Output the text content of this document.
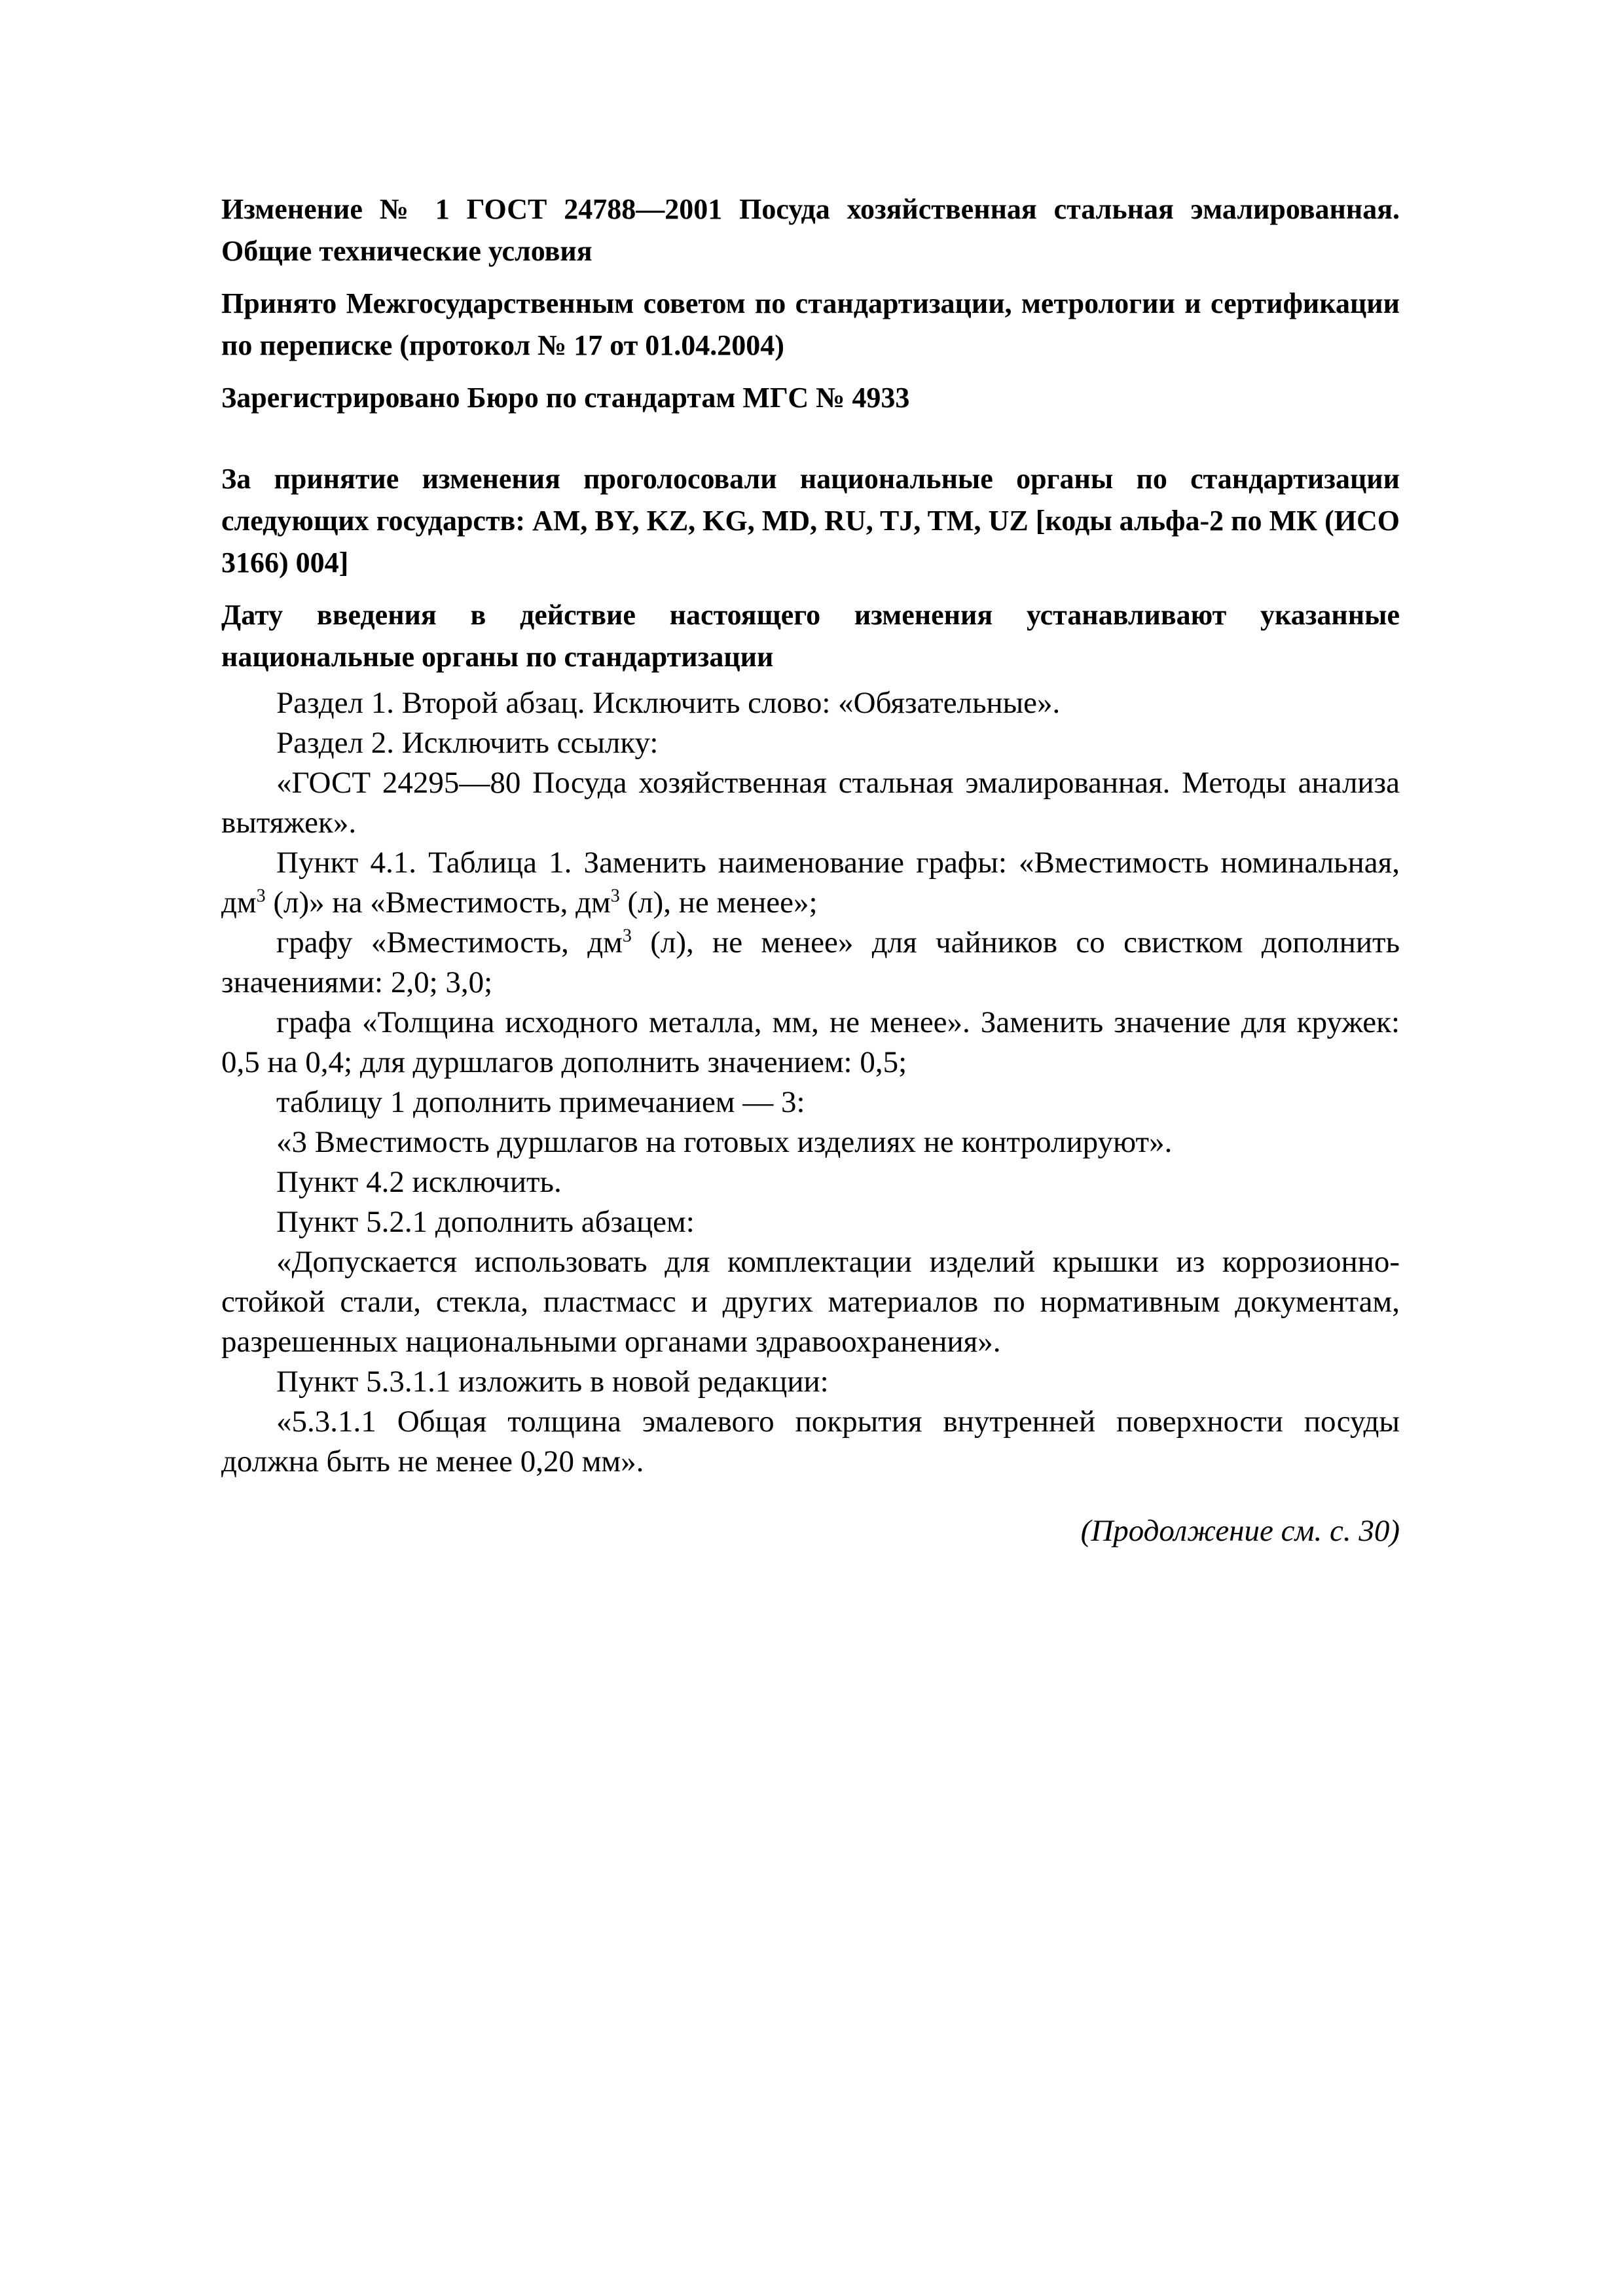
Изменение № 1 ГОСТ 24788—2001 Посуда хозяйственная стальная эмалированная. Общие технические условия

Принято Межгосударственным советом по стандартизации, метрологии и сертификации по переписке (протокол № 17 от 01.04.2004)

Зарегистрировано Бюро по стандартам МГС № 4933

За принятие изменения проголосовали национальные органы по стандартизации следующих государств: AM, BY, KZ, KG, MD, RU, TJ, TM, UZ [коды альфа-2 по МК (ИСО 3166) 004]

Дату введения в действие настоящего изменения устанавливают указанные национальные органы по стандартизации

Раздел 1. Второй абзац. Исключить слово: «Обязательные».

Раздел 2. Исключить ссылку:

«ГОСТ 24295—80 Посуда хозяйственная стальная эмалированная. Методы анализа вытяжек».

Пункт 4.1. Таблица 1. Заменить наименование графы: «Вместимость номинальная, $дм^3$ (л)» на «Вместимость, $дм^3$ (л), не менее»;

графу «Вместимость, $дм^3$ (л), не менее» для чайников со свистком дополнить значениями: 2,0; 3,0;

графа «Толщина исходного металла, мм, не менее». Заменить значение для кружек: 0,5 на 0,4; для дуршлагов дополнить значением: 0,5;

таблицу 1 дополнить примечанием — 3:

«3 Вместимость дуршлагов на готовых изделиях не контролируют».

Пункт 4.2 исключить.

Пункт 5.2.1 дополнить абзацем:

«Допускается использовать для комплектации изделий крышки из коррозионно-стойкой стали, стекла, пластмасс и других материалов по нормативным документам, разрешенных национальными органами здравоохранения».

Пункт 5.3.1.1 изложить в новой редакции:

«5.3.1.1 Общая толщина эмалевого покрытия внутренней поверхности посуды должна быть не менее 0,20 мм».

(Продолжение см. с. 30)
